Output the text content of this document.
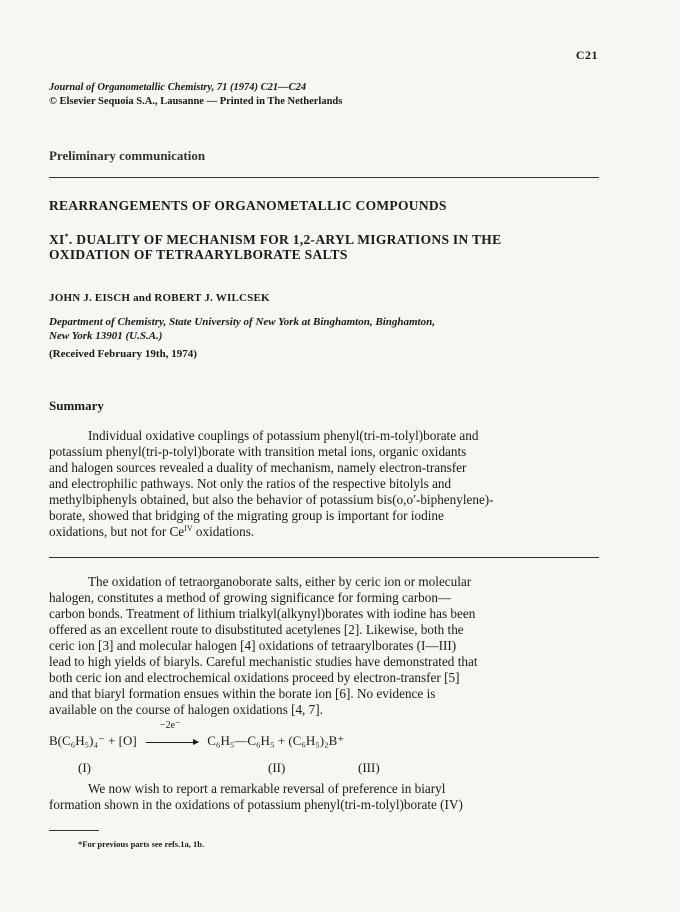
C21
Journal of Organometallic Chemistry, 71 (1974) C21—C24
© Elsevier Sequoia S.A., Lausanne — Printed in The Netherlands
Preliminary communication
REARRANGEMENTS OF ORGANOMETALLIC COMPOUNDS
XI*. DUALITY OF MECHANISM FOR 1,2-ARYL MIGRATIONS IN THE
OXIDATION OF TETRAARYLBORATE SALTS
JOHN J. EISCH and ROBERT J. WILCSEK
Department of Chemistry, State University of New York at Binghamton, Binghamton,
New York 13901 (U.S.A.)
(Received February 19th, 1974)
Summary
Individual oxidative couplings of potassium phenyl(tri-m-tolyl)borate and
potassium phenyl(tri-p-tolyl)borate with transition metal ions, organic oxidants
and halogen sources revealed a duality of mechanism, namely electron-transfer
and electrophilic pathways. Not only the ratios of the respective bitolyls and
methylbiphenyls obtained, but also the behavior of potassium bis(o,o′-biphenylene)-
borate, showed that bridging of the migrating group is important for iodine
oxidations, but not for $Ce^{IV}$ oxidations.
The oxidation of tetraorganoborate salts, either by ceric ion or molecular
halogen, constitutes a method of growing significance for forming carbon—
carbon bonds. Treatment of lithium trialkyl(alkynyl)borates with iodine has been
offered as an excellent route to disubstituted acetylenes [2]. Likewise, both the
ceric ion [3] and molecular halogen [4] oxidations of tetraarylborates (I—III)
lead to high yields of biaryls. Careful mechanistic studies have demonstrated that
both ceric ion and electrochemical oxidations proceed by electron-transfer [5]
and that biaryl formation ensues within the borate ion [6]. No evidence is
available on the course of halogen oxidations [4, 7].
B(C₆H₅)₄⁻ + [O]
−2e⁻
C₆H₅—C₆H₅ + (C₆H₅)₂B⁺
(I)	(II)	(III)
We now wish to report a remarkable reversal of preference in biaryl
formation shown in the oxidations of potassium phenyl(tri-m-tolyl)borate (IV)
*For previous parts see refs.1a, 1b.
